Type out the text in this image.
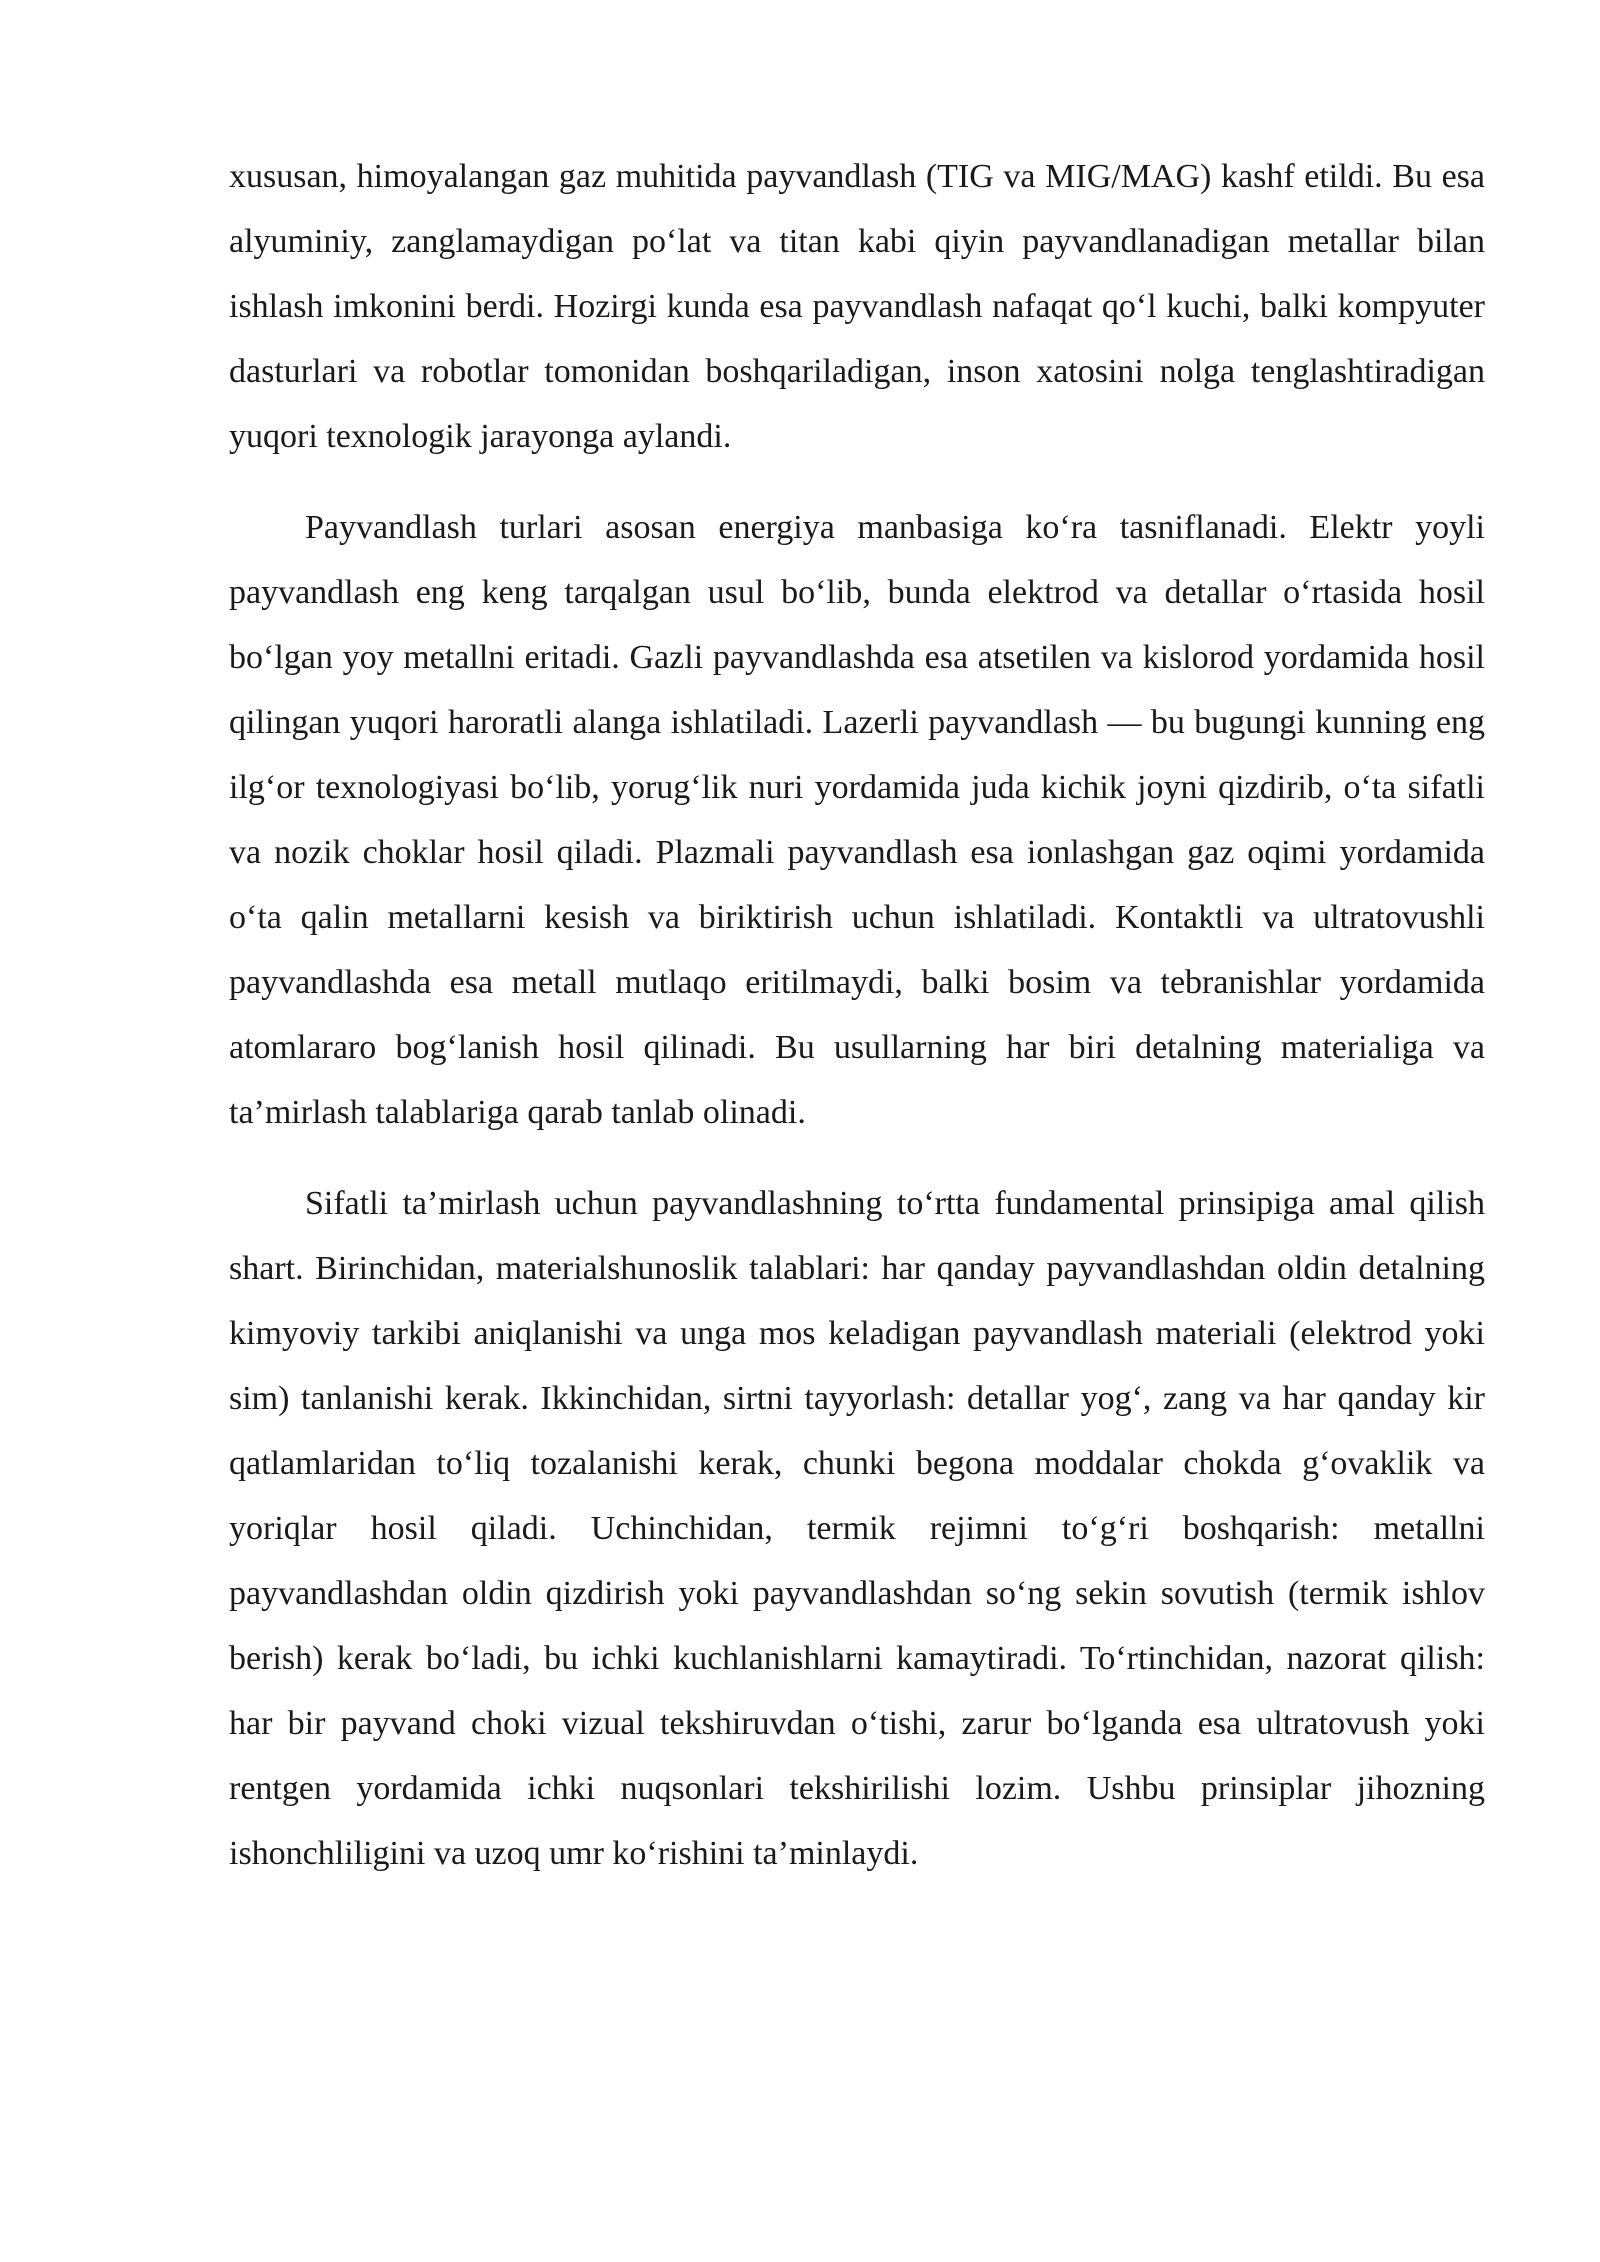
xususan, himoyalangan gaz muhitida payvandlash (TIG va MIG/MAG) kashf etildi. Bu esa alyuminiy, zanglamaydigan po‘lat va titan kabi qiyin payvandlanadigan metallar bilan ishlash imkonini berdi. Hozirgi kunda esa payvandlash nafaqat qo‘l kuchi, balki kompyuter dasturlari va robotlar tomonidan boshqariladigan, inson xatosini nolga tenglashtiradigan yuqori texnologik jarayonga aylandi.

Payvandlash turlari asosan energiya manbasiga ko‘ra tasniflanadi. Elektr yoyli payvandlash eng keng tarqalgan usul bo‘lib, bunda elektrod va detallar o‘rtasida hosil bo‘lgan yoy metallni eritadi. Gazli payvandlashda esa atsetilen va kislorod yordamida hosil qilingan yuqori haroratli alanga ishlatiladi. Lazerli payvandlash — bu bugungi kunning eng ilg‘or texnologiyasi bo‘lib, yorug‘lik nuri yordamida juda kichik joyni qizdirib, o‘ta sifatli va nozik choklar hosil qiladi. Plazmali payvandlash esa ionlashgan gaz oqimi yordamida o‘ta qalin metallarni kesish va biriktirish uchun ishlatiladi. Kontaktli va ultratovushli payvandlashda esa metall mutlaqo eritilmaydi, balki bosim va tebranishlar yordamida atomlararo bog‘lanish hosil qilinadi. Bu usullarning har biri detalning materialiga va ta’mirlash talablariga qarab tanlab olinadi.

Sifatli ta’mirlash uchun payvandlashning to‘rtta fundamental prinsipiga amal qilish shart. Birinchidan, materialshunoslik talablari: har qanday payvandlashdan oldin detalning kimyoviy tarkibi aniqlanishi va unga mos keladigan payvandlash materiali (elektrod yoki sim) tanlanishi kerak. Ikkinchidan, sirtni tayyorlash: detallar yog‘, zang va har qanday kir qatlamlaridan to‘liq tozalanishi kerak, chunki begona moddalar chokda g‘ovaklik va yoriqlar hosil qiladi. Uchinchidan, termik rejimni to‘g‘ri boshqarish: metallni payvandlashdan oldin qizdirish yoki payvandlashdan so‘ng sekin sovutish (termik ishlov berish) kerak bo‘ladi, bu ichki kuchlanishlarni kamaytiradi. To‘rtinchidan, nazorat qilish: har bir payvand choki vizual tekshiruvdan o‘tishi, zarur bo‘lganda esa ultratovush yoki rentgen yordamida ichki nuqsonlari tekshirilishi lozim. Ushbu prinsiplar jihozning ishonchliligini va uzoq umr ko‘rishini ta’minlaydi.
